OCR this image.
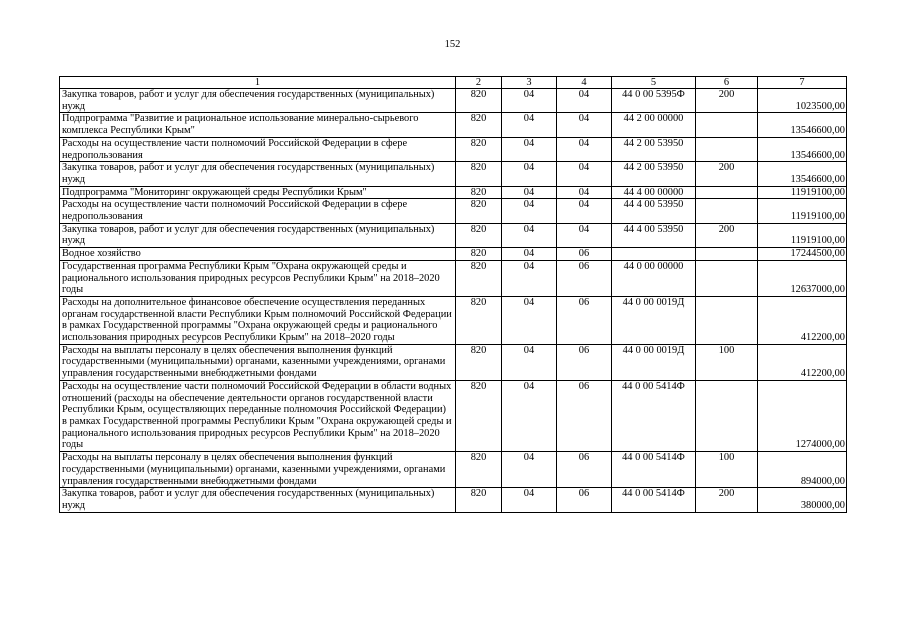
152
1	2	3	4	5	6	7
Закупка товаров, работ и услуг для обеспечения государственных (муниципальных) нужд	820	04	04	44 0 00 5395Ф	200	1023500,00
Подпрограмма "Развитие и рациональное использование минерально-сырьевого комплекса Республики Крым"	820	04	04	44 2 00 00000		13546600,00
Расходы на осуществление части полномочий Российской Федерации в сфере недропользования	820	04	04	44 2 00 53950		13546600,00
Закупка товаров, работ и услуг для обеспечения государственных (муниципальных) нужд	820	04	04	44 2 00 53950	200	13546600,00
Подпрограмма "Мониторинг окружающей среды Республики Крым"	820	04	04	44 4 00 00000		11919100,00
Расходы на осуществление части полномочий Российской Федерации в сфере недропользования	820	04	04	44 4 00 53950		11919100,00
Закупка товаров, работ и услуг для обеспечения государственных (муниципальных) нужд	820	04	04	44 4 00 53950	200	11919100,00
Водное хозяйство	820	04	06			17244500,00
Государственная программа Республики Крым "Охрана окружающей среды и рационального использования природных ресурсов Республики Крым" на 2018–2020 годы	820	04	06	44 0 00 00000		12637000,00
Расходы на дополнительное финансовое обеспечение осуществления переданных органам государственной власти Республики Крым полномочий Российской Федерации в рамках Государственной программы "Охрана окружающей среды и рационального использования природных ресурсов Республики Крым" на 2018–2020 годы	820	04	06	44 0 00 0019Д		412200,00
Расходы на выплаты персоналу в целях обеспечения выполнения функций государственными (муниципальными) органами, казенными учреждениями, органами управления государственными внебюджетными фондами	820	04	06	44 0 00 0019Д	100	412200,00
Расходы на осуществление части полномочий Российской Федерации в области водных отношений (расходы на обеспечение деятельности органов государственной власти Республики Крым, осуществляющих переданные полномочия Российской Федерации) в рамках Государственной программы Республики Крым "Охрана окружающей среды и рационального использования природных ресурсов Республики Крым" на 2018–2020 годы	820	04	06	44 0 00 5414Ф		1274000,00
Расходы на выплаты персоналу в целях обеспечения выполнения функций государственными (муниципальными) органами, казенными учреждениями, органами управления государственными внебюджетными фондами	820	04	06	44 0 00 5414Ф	100	894000,00
Закупка товаров, работ и услуг для обеспечения государственных (муниципальных) нужд	820	04	06	44 0 00 5414Ф	200	380000,00
